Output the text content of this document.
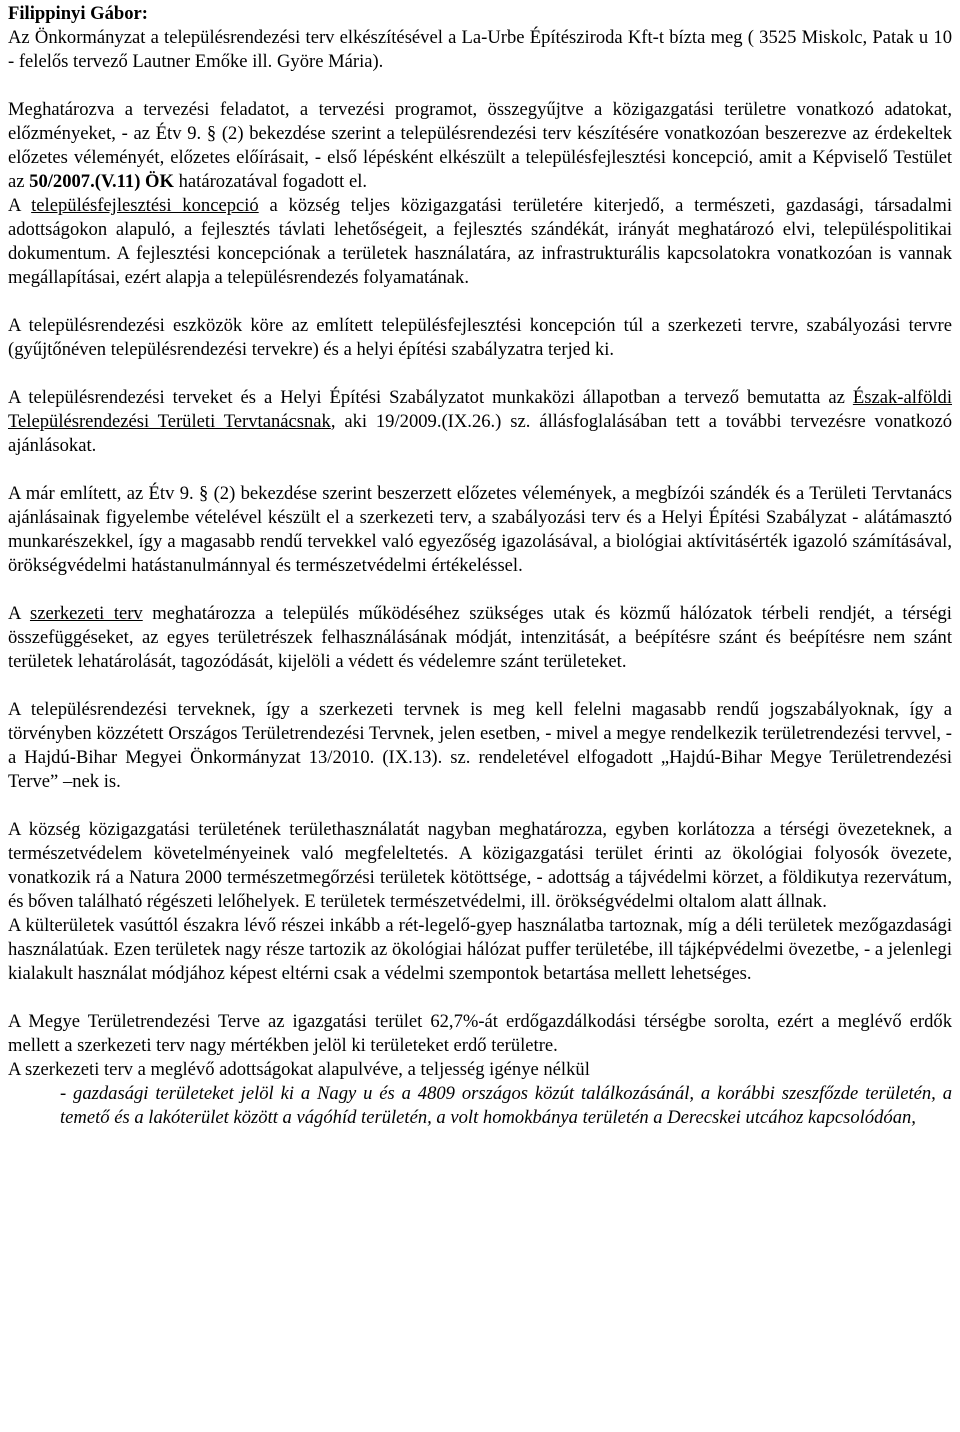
Filippinyi Gábor:

Az Önkormányzat a településrendezési terv elkészítésével a La-Urbe Építésziroda Kft-t bízta meg ( 3525 Miskolc, Patak u 10 - felelős tervező Lautner Emőke ill. Györe Mária).

Meghatározva a tervezési feladatot, a tervezési programot, összegyűjtve a közigazgatási területre vonatkozó adatokat, előzményeket, - az Étv 9. § (2) bekezdése szerint a településrendezési terv készítésére vonatkozóan beszerezve az érdekeltek előzetes véleményét, előzetes előírásait, - első lépésként elkészült a településfejlesztési koncepció, amit a Képviselő Testület az 50/2007.(V.11) ÖK határozatával fogadott el.

A településfejlesztési koncepció a község teljes közigazgatási területére kiterjedő, a természeti, gazdasági, társadalmi adottságokon alapuló, a fejlesztés távlati lehetőségeit, a fejlesztés szándékát, irányát meghatározó elvi, településpolitikai dokumentum. A fejlesztési koncepciónak a területek használatára, az infrastrukturális kapcsolatokra vonatkozóan is vannak megállapításai, ezért alapja a településrendezés folyamatának.

A településrendezési eszközök köre az említett településfejlesztési koncepción túl a szerkezeti tervre, szabályozási tervre (gyűjtőnéven településrendezési tervekre) és a helyi építési szabályzatra terjed ki.

A településrendezési terveket és a Helyi Építési Szabályzatot munkaközi állapotban a tervező bemutatta az Észak-alföldi Településrendezési Területi Tervtanácsnak, aki 19/2009.(IX.26.) sz. állásfoglalásában tett a további tervezésre vonatkozó ajánlásokat.

A már említett, az Étv 9. § (2) bekezdése szerint beszerzett előzetes vélemények, a megbízói szándék és a Területi Tervtanács ajánlásainak figyelembe vételével készült el a szerkezeti terv, a szabályozási terv és a Helyi Építési Szabályzat - alátámasztó munkarészekkel, így a magasabb rendű tervekkel való egyezőség igazolásával, a biológiai aktívitásérték igazoló számításával, örökségvédelmi hatástanulmánnyal és természetvédelmi értékeléssel.

A szerkezeti terv meghatározza a település működéséhez szükséges utak és közmű hálózatok térbeli rendjét, a térségi összefüggéseket, az egyes területrészek felhasználásának módját, intenzitását, a beépítésre szánt és beépítésre nem szánt területek lehatárolását, tagozódását, kijelöli a védett és védelemre szánt területeket.

A településrendezési terveknek, így a szerkezeti tervnek is meg kell felelni magasabb rendű jogszabályoknak, így a törvényben közzétett Országos Területrendezési Tervnek, jelen esetben, - mivel a megye rendelkezik területrendezési tervvel, - a Hajdú-Bihar Megyei Önkormányzat 13/2010. (IX.13). sz. rendeletével elfogadott „Hajdú-Bihar Megye Területrendezési Terve” –nek is.

A község közigazgatási területének területhasználatát nagyban meghatározza, egyben korlátozza a térségi övezeteknek, a természetvédelem követelményeinek való megfeleltetés. A közigazgatási terület érinti az ökológiai folyosók övezete, vonatkozik rá a Natura 2000 természetmegőrzési területek kötöttsége, - adottság a tájvédelmi körzet, a földikutya rezervátum, és bőven található régészeti lelőhelyek. E területek természetvédelmi, ill. örökségvédelmi oltalom alatt állnak.

A külterületek vasúttól északra lévő részei inkább a rét-legelő-gyep használatba tartoznak, míg a déli területek mezőgazdasági használatúak. Ezen területek nagy része tartozik az ökológiai hálózat puffer területébe, ill tájképvédelmi övezetbe, - a jelenlegi kialakult használat módjához képest eltérni csak a védelmi szempontok betartása mellett lehetséges.

A Megye Területrendezési Terve az igazgatási terület 62,7%-át erdőgazdálkodási térségbe sorolta, ezért a meglévő erdők mellett a szerkezeti terv nagy mértékben jelöl ki területeket erdő területre.

A szerkezeti terv a meglévő adottságokat alapulvéve, a teljesség igénye nélkül

- gazdasági területeket jelöl ki a Nagy u és a 4809 országos közút találkozásánál, a korábbi szeszfőzde területén, a temető és a lakóterület között a vágóhíd területén, a volt homokbánya területén a Derecskei utcához kapcsolódóan,
